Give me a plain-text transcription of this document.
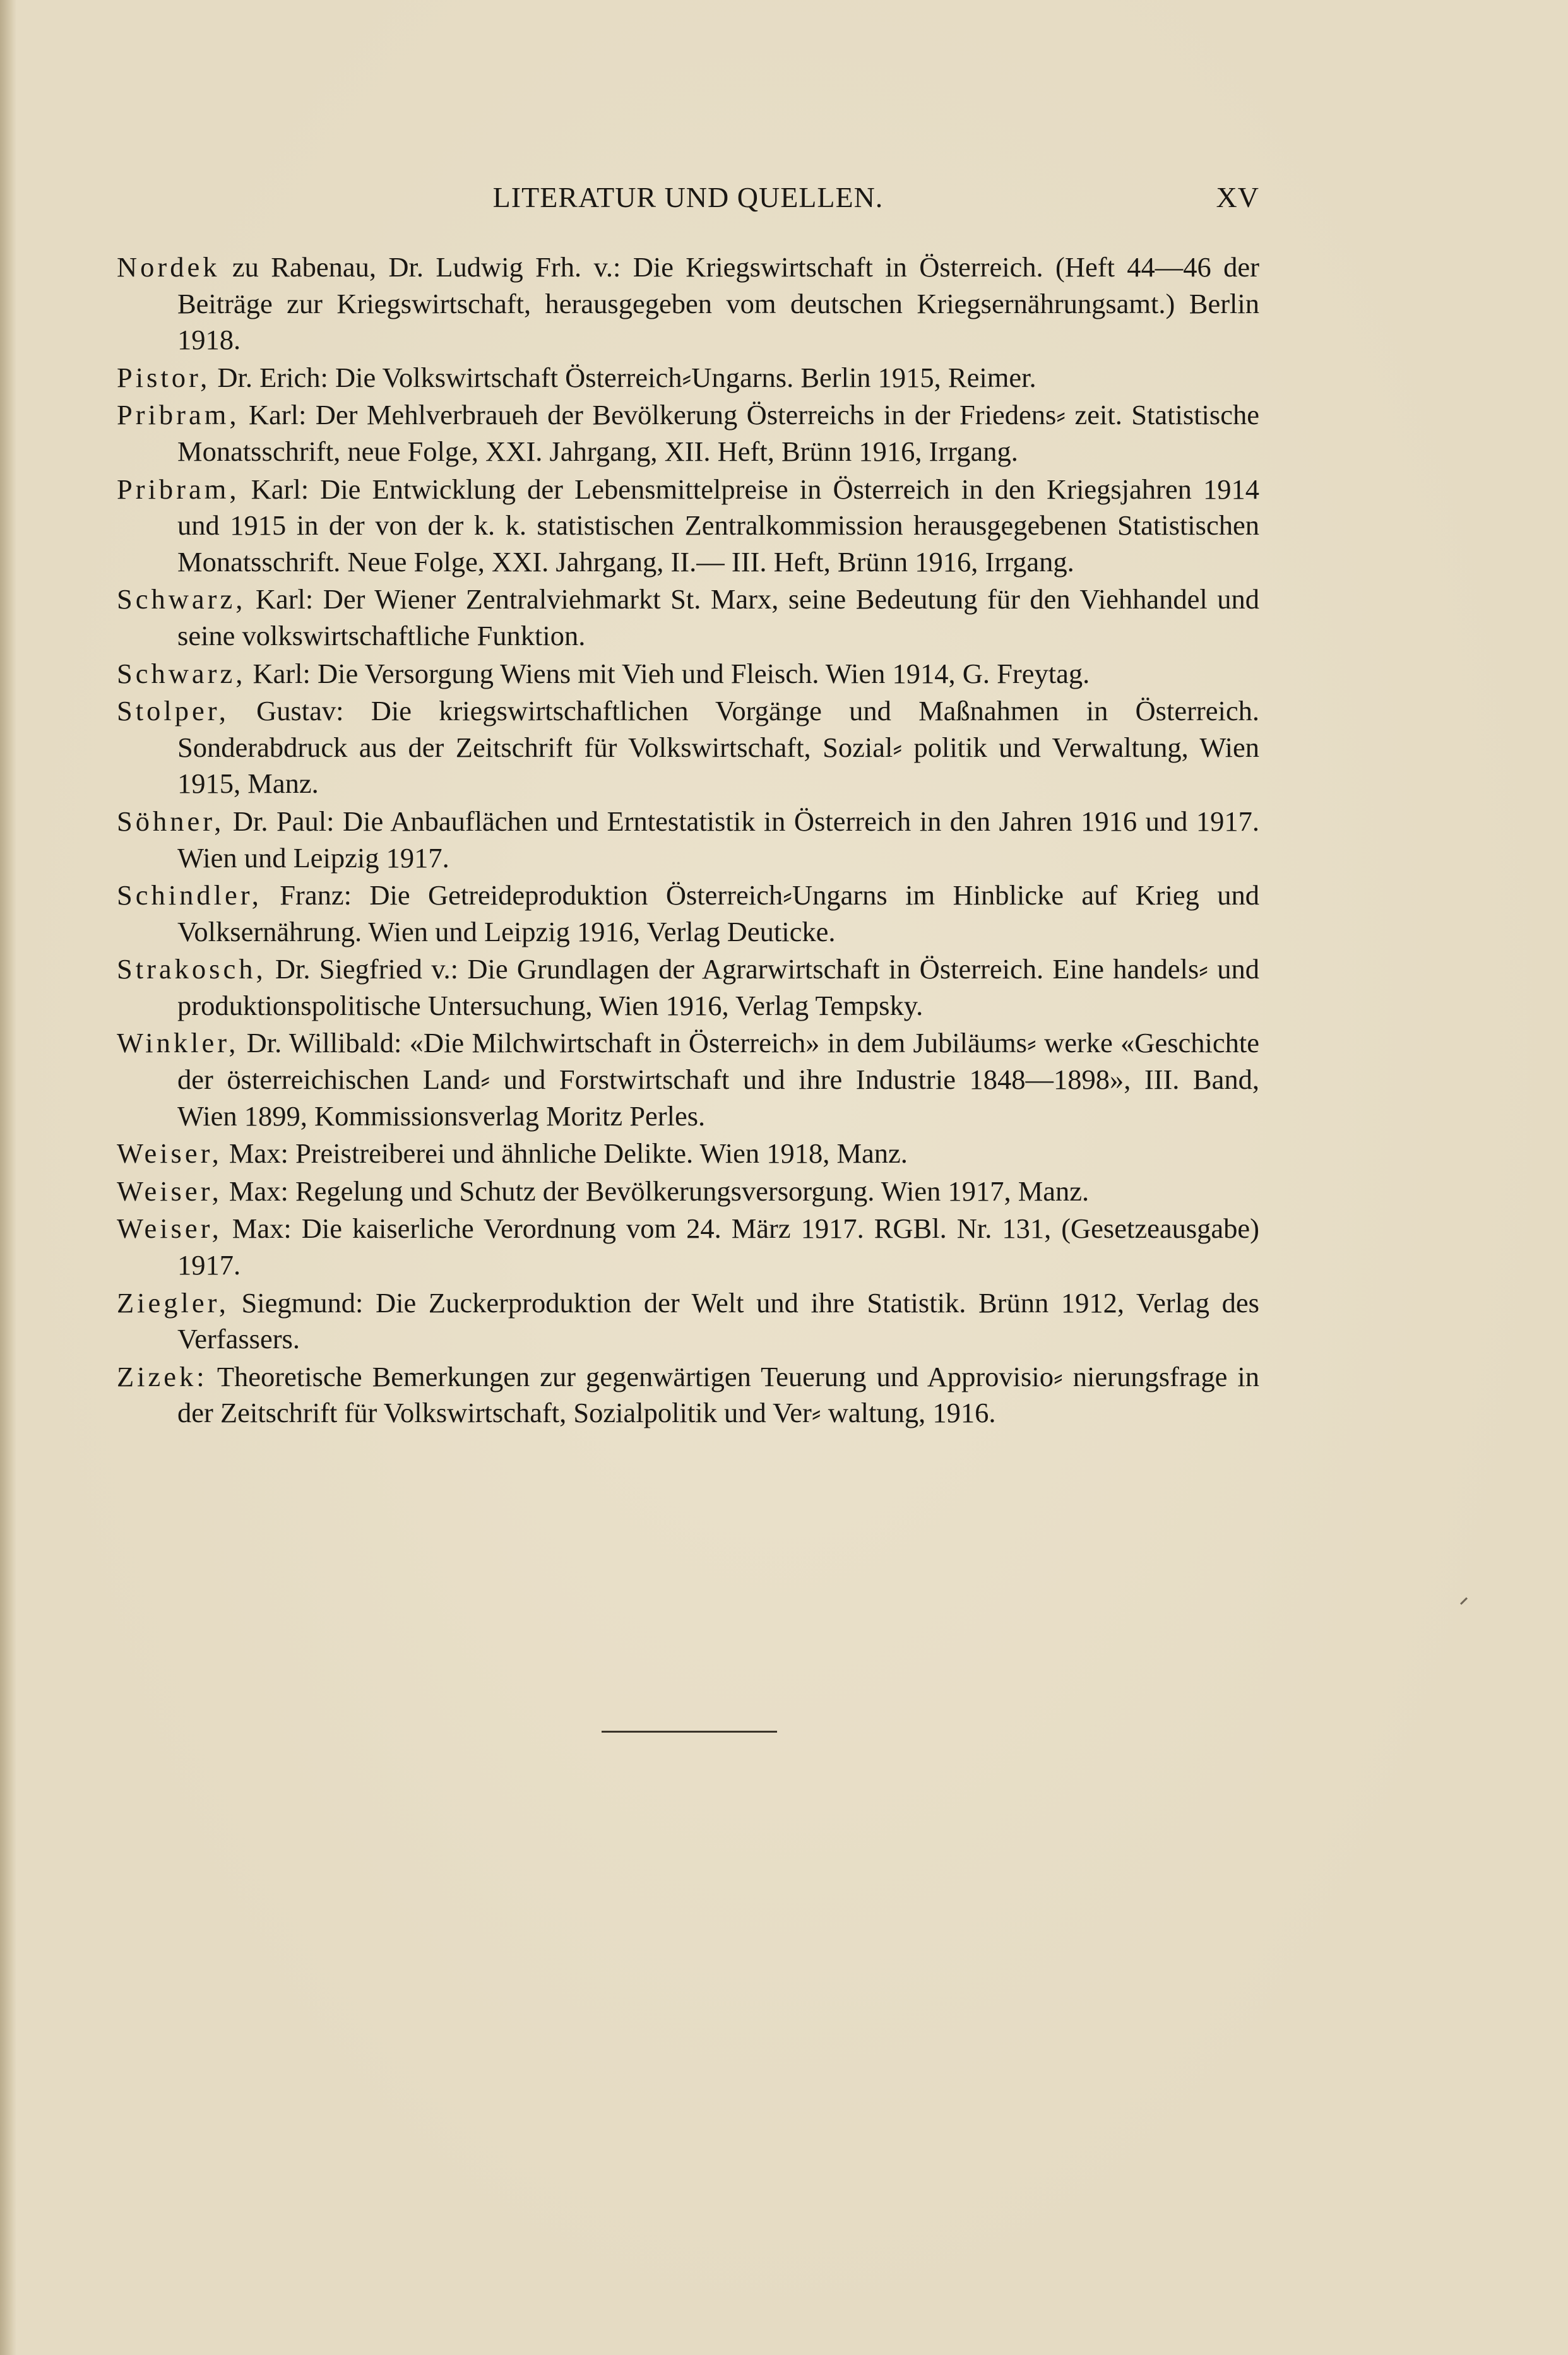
LITERATUR UND QUELLEN.	XV

Nordek zu Rabenau, Dr. Ludwig Frh. v.: Die Kriegswirtschaft in Österreich. (Heft 44—46 der Beiträge zur Kriegswirtschaft, herausgegeben vom deutschen Kriegsernährungsamt.) Berlin 1918.

Pistor, Dr. Erich: Die Volkswirtschaft Österreich⸗Ungarns. Berlin 1915, Reimer.

Pribram, Karl: Der Mehlverbraueh der Bevölkerung Österreichs in der Friedens⸗ zeit. Statistische Monatsschrift, neue Folge, XXI. Jahrgang, XII. Heft, Brünn 1916, Irrgang.

Pribram, Karl: Die Entwicklung der Lebensmittelpreise in Österreich in den Kriegsjahren 1914 und 1915 in der von der k. k. statistischen Zentralkommission herausgegebenen Statistischen Monatsschrift. Neue Folge, XXI. Jahrgang, II.— III. Heft, Brünn 1916, Irrgang.

Schwarz, Karl: Der Wiener Zentralviehmarkt St. Marx, seine Bedeutung für den Viehhandel und seine volkswirtschaftliche Funktion.

Schwarz, Karl: Die Versorgung Wiens mit Vieh und Fleisch. Wien 1914, G. Freytag.

Stolper, Gustav: Die kriegswirtschaftlichen Vorgänge und Maßnahmen in Österreich. Sonderabdruck aus der Zeitschrift für Volkswirtschaft, Sozial⸗ politik und Verwaltung, Wien 1915, Manz.

Söhner, Dr. Paul: Die Anbauflächen und Erntestatistik in Österreich in den Jahren 1916 und 1917. Wien und Leipzig 1917.

Schindler, Franz: Die Getreideproduktion Österreich⸗Ungarns im Hinblicke auf Krieg und Volksernährung. Wien und Leipzig 1916, Verlag Deuticke.

Strakosch, Dr. Siegfried v.: Die Grundlagen der Agrarwirtschaft in Österreich. Eine handels⸗ und produktionspolitische Untersuchung, Wien 1916, Verlag Tempsky.

Winkler, Dr. Willibald: «Die Milchwirtschaft in Österreich» in dem Jubiläums⸗ werke «Geschichte der österreichischen Land⸗ und Forstwirtschaft und ihre Industrie 1848—1898», III. Band, Wien 1899, Kommissionsverlag Moritz Perles.

Weiser, Max: Preistreiberei und ähnliche Delikte. Wien 1918, Manz.

Weiser, Max: Regelung und Schutz der Bevölkerungsversorgung. Wien 1917, Manz.

Weiser, Max: Die kaiserliche Verordnung vom 24. März 1917. RGBl. Nr. 131, (Gesetzeausgabe) 1917.

Ziegler, Siegmund: Die Zuckerproduktion der Welt und ihre Statistik. Brünn 1912, Verlag des Verfassers.

Zizek: Theoretische Bemerkungen zur gegenwärtigen Teuerung und Approvisio⸗ nierungsfrage in der Zeitschrift für Volkswirtschaft, Sozialpolitik und Ver⸗ waltung, 1916.
